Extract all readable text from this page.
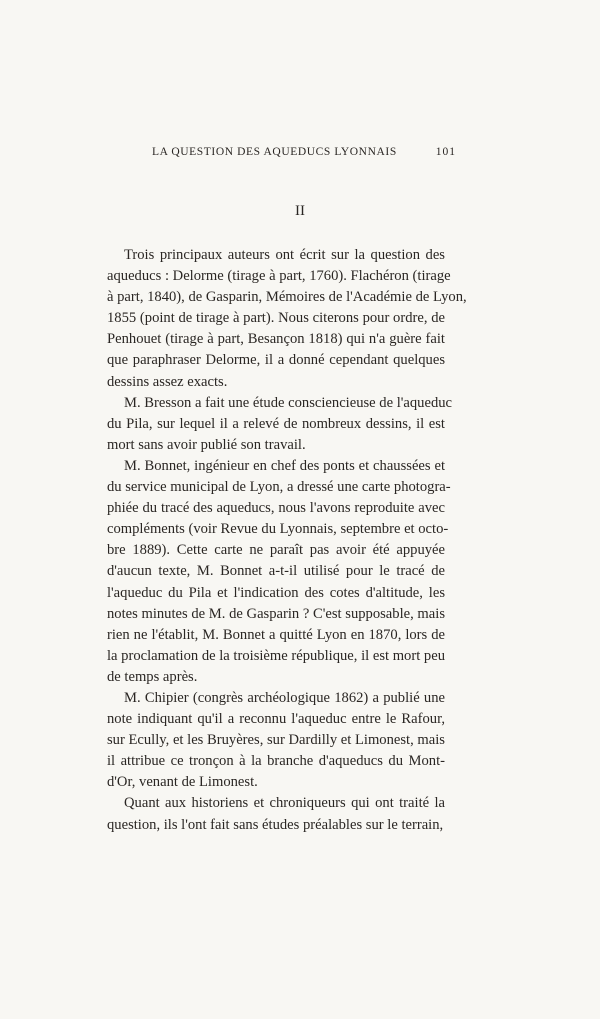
LA QUESTION DES AQUEDUCS LYONNAIS	101
II
Trois principaux auteurs ont écrit sur la question des
aqueducs : Delorme (tirage à part, 1760). Flachéron (tirage
à part, 1840), de Gasparin, Mémoires de l'Académie de Lyon,
1855 (point de tirage à part). Nous citerons pour ordre, de
Penhouet (tirage à part, Besançon 1818) qui n'a guère fait
que paraphraser Delorme, il a donné cependant quelques
dessins assez exacts.
M. Bresson a fait une étude consciencieuse de l'aqueduc
du Pila, sur lequel il a relevé de nombreux dessins, il est
mort sans avoir publié son travail.
M. Bonnet, ingénieur en chef des ponts et chaussées et
du service municipal de Lyon, a dressé une carte photogra-
phiée du tracé des aqueducs, nous l'avons reproduite avec
compléments (voir Revue du Lyonnais, septembre et octo-
bre 1889). Cette carte ne paraît pas avoir été appuyée
d'aucun texte, M. Bonnet a-t-il utilisé pour le tracé de
l'aqueduc du Pila et l'indication des cotes d'altitude, les
notes minutes de M. de Gasparin ? C'est supposable, mais
rien ne l'établit, M. Bonnet a quitté Lyon en 1870, lors de
la proclamation de la troisième république, il est mort peu
de temps après.
M. Chipier (congrès archéologique 1862) a publié une
note indiquant qu'il a reconnu l'aqueduc entre le Rafour,
sur Ecully, et les Bruyères, sur Dardilly et Limonest, mais
il attribue ce tronçon à la branche d'aqueducs du Mont-
d'Or, venant de Limonest.
Quant aux historiens et chroniqueurs qui ont traité la
question, ils l'ont fait sans études préalables sur le terrain,
